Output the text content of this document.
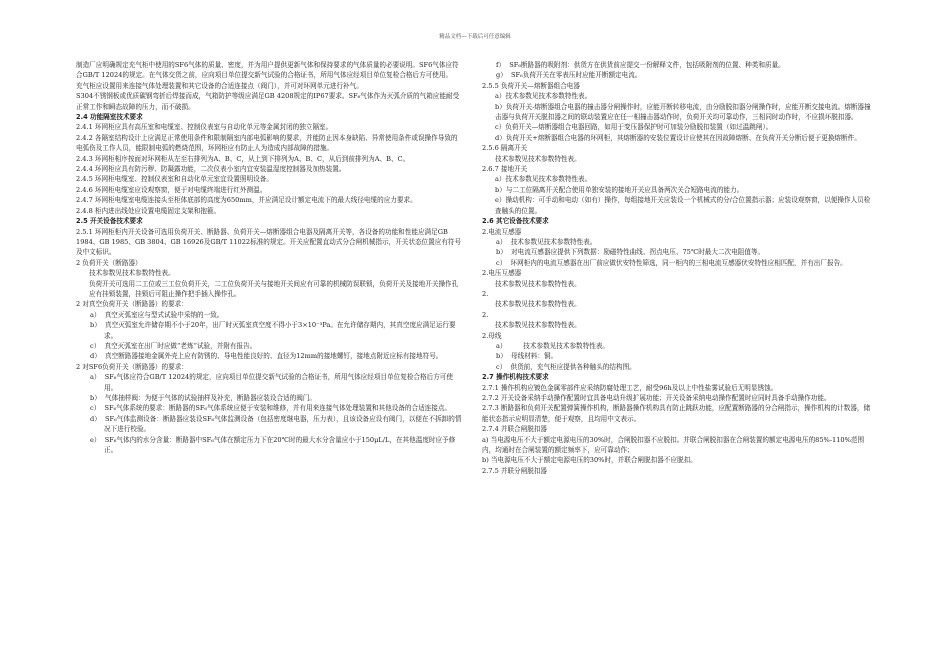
精品文档---下载后可任意编辑

制造厂应明确规定充气柜中使用的SF6气体的质量、密度，并为用户提供更新气体和保持要求的气体质量的必要说明。SF6气体应符合GB/T 12024的规定。在气体交货之前，应向项目单位提交新气试验的合格证书，所用气体应经项目单位复检合格后方可使用。

充气柜应设置用来连接气体处理装置和其它设备的合适连接点（阀门），并可对环网单元进行补气。

S304不锈钢板或优质碳钢弯折后焊接而成，气箱防护等级应满足GB 4208规定的IP67要求。SF₆气体作为灭弧介质的气箱应能耐受正常工作和瞬态故障的压力，而不破损。

2.4 功能隔室技术要求

2.4.1 环网柜应具有高压室和电缆室、控制仪表室与自动化单元等金属封闭的独立隔室。

2.4.2 各隔室结构设计上应满足正常使用条件和限制隔室内部电弧影响的要求，并能防止因本身缺陷、异常使用条件或误操作导致的电弧伤及工作人员，能限制电弧的燃烧范围，环网柜应有防止人为造成内部故障的措施。

2.4.3 环网柜相序按面对环网柜从左至右排列为A、B、C，从上到下排列为A、B、C，从后到前排列为A、B、C。

2.4.4 环网柜应具有防污秽、防凝露功能，二次仪表小室内宜安装温湿度控制器及加热装置。

2.4.5 环网柜电缆室、控制仪表室和自动化单元室宜设置照明设备。

2.4.6 环网柜电缆室应设观察窗，便于对电缆终端进行红外测温。

2.4.7 环网柜电缆室电缆连接头至柜体底部的高度为650mm，并应满足设计额定电流下的最大线径电缆的应力要求。

2.4.8 柜内进出线处应设置电缆固定支架和抱箍。

2.5 开关设备技术要求

2.5.1 环网柜柜内开关设备可选用负荷开关、断路器、负荷开关—熔断器组合电器及隔离开关等，各设备的功能和性能应满足GB 1984、GB 1985、GB 3804、GB 16926及GB/T 11022标准的规定。开关应配置直动式分合闸机械指示，开关状态位置应有符号及中文标识。

2 负荷开关（断路器）

技术参数见技术参数特性表。

负荷开关可选用二工位或三工位负荷开关，二工位负荷开关与接地开关间应有可靠的机械防误联锁，负荷开关及接地开关操作孔应有挂锁装置，挂锁后可阻止操作把手插入操作孔。

2 对真空负荷开关（断路器）的要求：

a）  真空灭弧室应与型式试验中采纳的一致。

b）  真空灭弧室允许储存期不小于20年，出厂时灭弧室真空度不得小于3×10⁻³Pa。在允许储存期内，其真空度应满足运行要求。

c）  真空灭弧室在出厂时应做“老炼”试验，并附有报告。

d）  真空断路器接地金属外壳上应有防锈的、导电性能良好的、直径为12mm的接地螺钉，接地点附近应标有接地符号。

2 对SF6负荷开关（断路器）的要求：

a）  SF₆气体应符合GB/T 12024的规定，应向项目单位提交新气试验的合格证书，所用气体应经项目单位复检合格后方可使用。

b）  气体抽样阀：为便于气体的试验抽样及补充，断路器应装设合适的阀门。

c）  SF₆气体系统的要求：断路器的SF₆气体系统应便于安装和维修，并有用来连接气体处理装置和其他设备的合适连接点。

d）  SF₆气体监测设备：断路器应装设SF₆气体监测设备（包括密度继电器，压力表），且该设备应设有阀门，以便在不拆卸的情况下进行校验。

e）  SF₆气体内的水分含量：断路器中SF₆气体在额定压力下在20℃时的最大水分含量应小于150μL/L，在其他温度时应予修正。

f）  SF₆断路器的吸附剂：供货方在供货前应提交一份解释文件，包括吸附剂的位置、种类和质量。

g）  SF₆负荷开关在零表压时应能开断额定电流。

2.5.5 负荷开关—熔断器组合电器

a）技术参数见技术参数特性表。

b）负荷开关-熔断器组合电器的撞击器分闸操作时，应能开断转移电流，由分励脱扣器分闸操作时，应能开断交接电流。熔断器撞击器与负荷开关脱扣器之间的联动装置应在任一相撞击器动作时，负荷开关均可靠动作，三相同时动作时，不应损坏脱扣器。

c）负荷开关—熔断器组合电器回路，如用于变压器保护时可加装分励脱扣装置（如过温跳闸）。

d）负荷开关+熔断器组合电器的环网柜，其熔断器的安装位置设计应使其在因故障熔断、在负荷开关分断后便于更换熔断件。

2.5.6 隔离开关

技术参数见技术参数特性表。

2.6.7 接地开关

a）技术参数见技术参数特性表。

b）与二工位隔离开关配合使用单独安装的接地开关应具备两次关合短路电流的能力。

e）操动机构：可手动和电动（如有）操作，每组接地开关应装设一个机械式的分/合位置指示器；应装设观察窗，以便操作人员检查触头的位置。

2.6 其它设备技术要求

2.电流互感器

a）  技术参数见技术参数特性表。

b）  对电流互感器应提供下列数据：励磁特性曲线、拐点电压、75℃时最大二次电阻值等。

c）  环网柜内的电流互感器在出厂前应做伏安特性筛选，同一柜内的三相电流互感器伏安特性应相匹配，并有出厂报告。

2.电压互感器

技术参数见技术参数特性表。

2.

技术参数见技术参数特性表。

2.

技术参数见技术参数特性表。

2.母线

a）        技术参数见技术参数特性表。

b）  母线材料：铜。

c）  供货前，充气柜应提供各种触头的结构图。

2.7 操作机构技术要求

2.7.1 操作机构应镀色金属零部件应采纳防腐处理工艺，耐受96h及以上中性盐雾试验后无明显锈蚀。

2.7.2 开关设备采纳手动操作配置时宜具备电动升级扩展功能；开关设备采纳电动操作配置时应同时具备手动操作功能。

2.7.3 断路器和负荷开关配置弹簧操作机构，断路器操作机构具有防止跳跃功能，应配置断路器的分合闸指示，操作机构的计数器，储能状态指示应明显清楚，便于观察，且均用中文表示。

2.7.4 并联合闸脱扣器

a) 当电源电压不大于额定电源电压的30%时，合闸脱扣器不应脱扣。并联合闸脱扣器在合闸装置的额定电源电压的85%-110%范围内，均通时在合闸装置的额定频率下，应可靠动作；

b) 当电源电压不大于额定电源电压的30%时，并联合闸脱扣器不应脱扣。

2.7.5 并联分闸脱扣器
